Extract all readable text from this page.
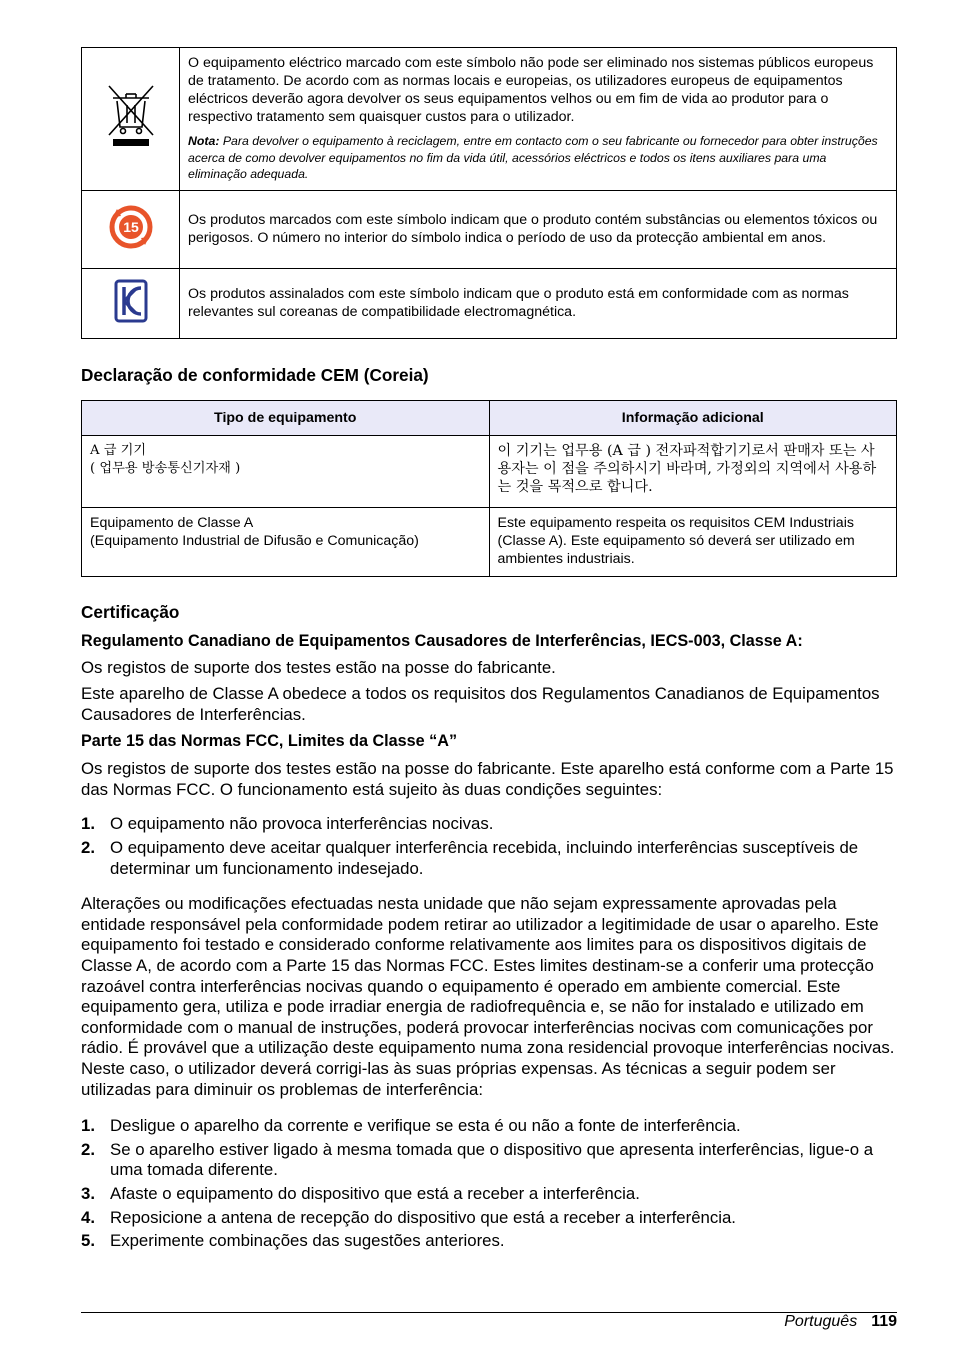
O equipamento eléctrico marcado com este símbolo não pode ser eliminado nos sistemas públicos europeus de tratamento. De acordo com as normas locais e europeias, os utilizadores europeus de equipamentos eléctricos deverão agora devolver os seus equipamentos velhos ou em fim de vida ao produtor para o respectivo tratamento sem quaisquer custos para o utilizador.
Nota: Para devolver o equipamento à reciclagem, entre em contacto com o seu fabricante ou fornecedor para obter instruções acerca de como devolver equipamentos no fim da vida útil, acessórios eléctricos e todos os itens auxiliares para uma eliminação adequada.

15	Os produtos marcados com este símbolo indicam que o produto contém substâncias ou elementos tóxicos ou perigosos. O número no interior do símbolo indica o período de uso da protecção ambiental em anos.
	Os produtos assinalados com este símbolo indicam que o produto está em conformidade com as normas relevantes sul coreanas de compatibilidade electromagnética.
Declaração de conformidade CEM (Coreia)
Tipo de equipamento	Informação adicional

A 급 기기
( 업무용 방송통신기자재 )	이 기기는 업무용 (A 급 ) 전자파적합기기로서 판매자 또는 사용자는 이 점을 주의하시기 바라며, 가정외의 지역에서 사용하는 것을 목적으로 합니다.

Equipamento de Classe A
(Equipamento Industrial de Difusão e Comunicação)	Este equipamento respeita os requisitos CEM Industriais (Classe A). Este equipamento só deverá ser utilizado em ambientes industriais.
Certificação
Regulamento Canadiano de Equipamentos Causadores de Interferências, IECS-003, Classe A:

Os registos de suporte dos testes estão na posse do fabricante.

Este aparelho de Classe A obedece a todos os requisitos dos Regulamentos Canadianos de Equipamentos Causadores de Interferências.

Parte 15 das Normas FCC, Limites da Classe “A”

Os registos de suporte dos testes estão na posse do fabricante. Este aparelho está conforme com a Parte 15 das Normas FCC. O funcionamento está sujeito às duas condições seguintes:

1. O equipamento não provoca interferências nocivas.
2. O equipamento deve aceitar qualquer interferência recebida, incluindo interferências susceptíveis de determinar um funcionamento indesejado.

Alterações ou modificações efectuadas nesta unidade que não sejam expressamente aprovadas pela entidade responsável pela conformidade podem retirar ao utilizador a legitimidade de usar o aparelho. Este equipamento foi testado e considerado conforme relativamente aos limites para os dispositivos digitais de Classe A, de acordo com a Parte 15 das Normas FCC. Estes limites destinam-se a conferir uma protecção razoável contra interferências nocivas quando o equipamento é operado em ambiente comercial. Este equipamento gera, utiliza e pode irradiar energia de radiofrequência e, se não for instalado e utilizado em conformidade com o manual de instruções, poderá provocar interferências nocivas com comunicações por rádio. É provável que a utilização deste equipamento numa zona residencial provoque interferências nocivas. Neste caso, o utilizador deverá corrigi-las às suas próprias expensas. As técnicas a seguir podem ser utilizadas para diminuir os problemas de interferência:

1. Desligue o aparelho da corrente e verifique se esta é ou não a fonte de interferência.
2. Se o aparelho estiver ligado à mesma tomada que o dispositivo que apresenta interferências, ligue-o a uma tomada diferente.
3. Afaste o equipamento do dispositivo que está a receber a interferência.
4. Reposicione a antena de recepção do dispositivo que está a receber a interferência.
5. Experimente combinações das sugestões anteriores.
Português 119
